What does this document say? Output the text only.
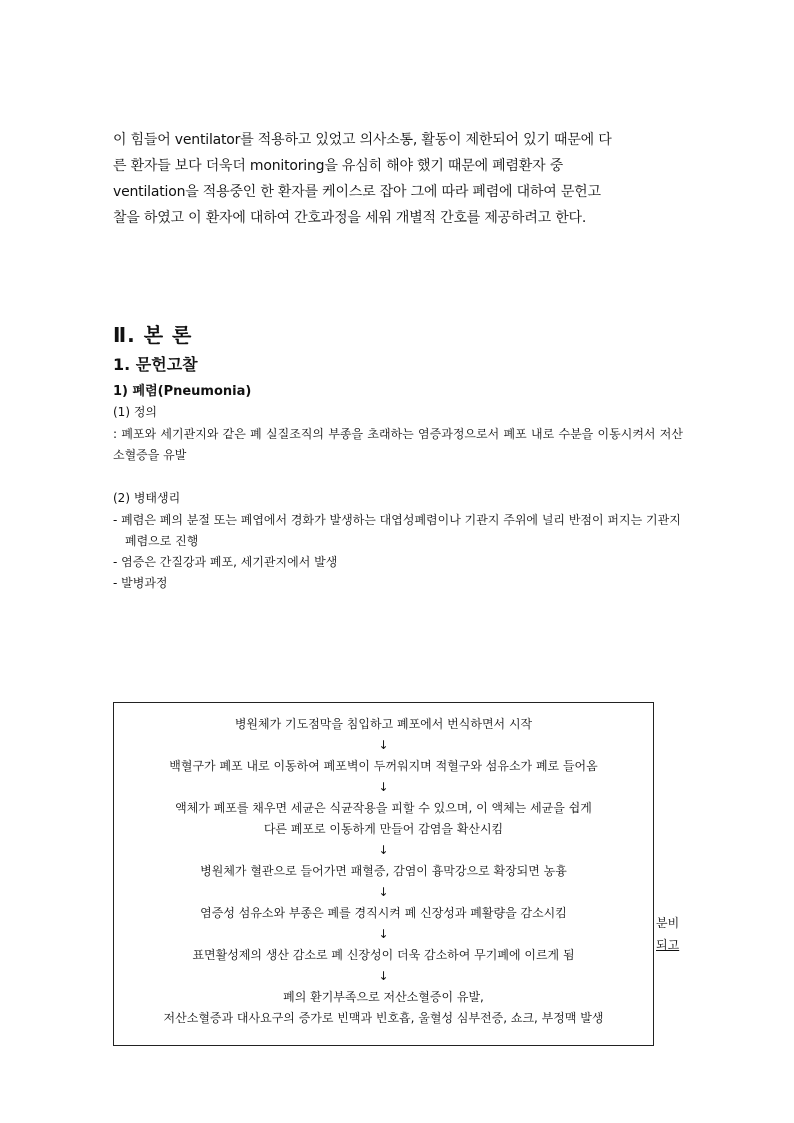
이 힘들어 ventilator를 적용하고 있었고 의사소통, 활동이 제한되어 있기 때문에 다

른 환자들 보다 더욱더 monitoring을 유심히 해야 했기 때문에 폐렴환자 중

ventilation을 적용중인 한 환자를 케이스로 잡아 그에 따라 폐렴에 대하여 문헌고

찰을 하였고 이 환자에 대하여 간호과정을 세워 개별적 간호를 제공하려고 한다.

Ⅱ. 본 론
1. 문헌고찰
1) 폐렴(Pneumonia)
(1) 정의
: 폐포와 세기관지와 같은 폐 실질조직의 부종을 초래하는 염증과정으로서 폐포 내로 수분을 이동시켜서 저산소혈증을 유발
(2) 병태생리
- 폐렴은 폐의 분절 또는 폐엽에서 경화가 발생하는 대엽성폐렴이나 기관지 주위에 널리 반점이 퍼지는 기관지폐렴으로 진행
- 염증은 간질강과 폐포, 세기관지에서 발생
- 발병과정
병원체가 기도점막을 침입하고 폐포에서 번식하면서 시작
↓
백혈구가 폐포 내로 이동하여 폐포벽이 두꺼워지며 적혈구와 섬유소가 폐로 들어옴
↓
액체가 폐포를 채우면 세균은 식균작용을 피할 수 있으며, 이 액체는 세균을 쉽게
다른 폐포로 이동하게 만들어 감염을 확산시킴
↓
병원체가 혈관으로 들어가면 패혈증, 감염이 흉막강으로 확장되면 농흉
↓
염증성 섬유소와 부종은 폐를 경직시켜 폐 신장성과 폐활량을 감소시킴
↓
표면활성제의 생산 감소로 폐 신장성이 더욱 감소하여 무기폐에 이르게 됨
↓
폐의 환기부족으로 저산소혈증이 유발,
저산소혈증과 대사요구의 증가로 빈맥과 빈호흡, 울혈성 심부전증, 쇼크, 부정맥 발생
분비
되고
